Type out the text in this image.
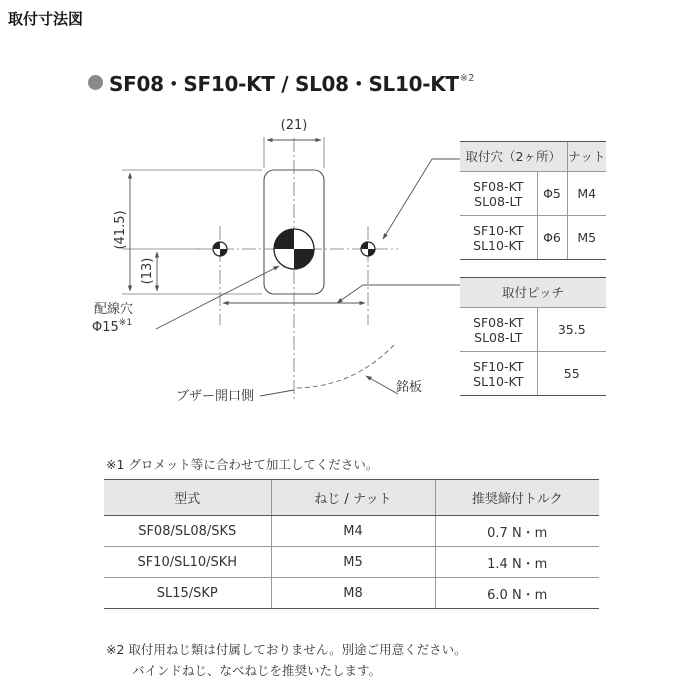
取付寸法図
SF08・SF10-KT / SL08・SL10-KT ※2
(21)
(41.5)
(13)
配線穴
Φ15$^{※1}$
ブザー開口側
銘板
取付穴（2ヶ所）		ナット
SF08-KT
SL08-LT	Φ5	M4
SF10-KT
SL10-KT	Φ6	M5
取付ピッチ	
SF08-KT
SL08-LT	35.5
SF10-KT
SL10-KT	55
※1 グロメット等に合わせて加工してください。
型式	ねじ / ナット	推奨締付トルク
SF08/SL08/SKS	M4	0.7 N・m
SF10/SL10/SKH	M5	1.4 N・m
SL15/SKP	M8	6.0 N・m
※2 取付用ねじ類は付属しておりません。別途ご用意ください。
バインドねじ、なべねじを推奨いたします。
